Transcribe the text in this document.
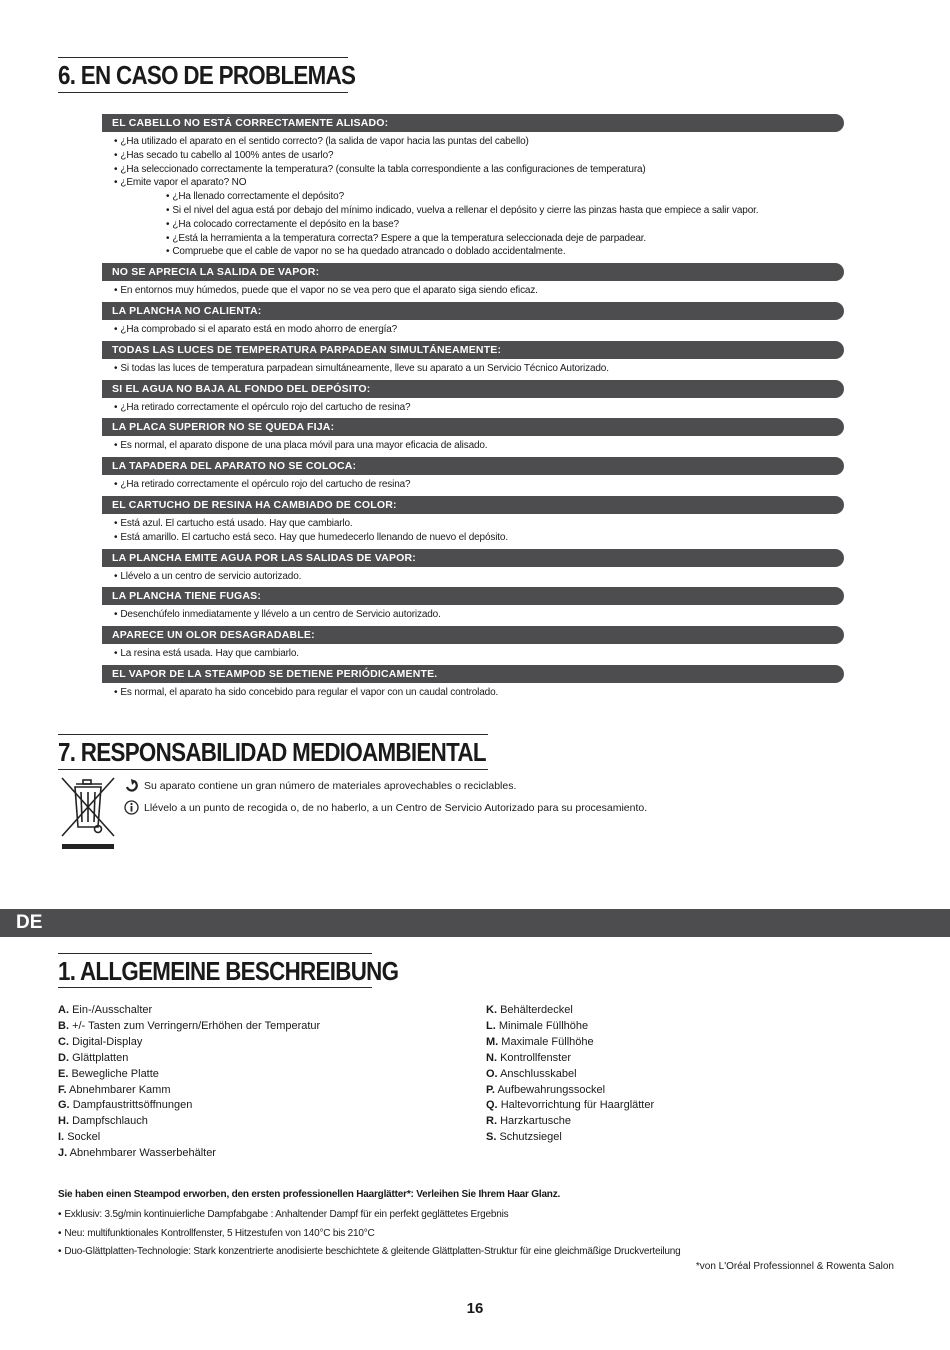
6. EN CASO DE PROBLEMAS
EL CABELLO NO ESTÁ CORRECTAMENTE ALISADO:
• ¿Ha utilizado el aparato en el sentido correcto? (la salida de vapor hacia las puntas del cabello)
• ¿Has secado tu cabello al 100% antes de usarlo?
• ¿Ha seleccionado correctamente la temperatura? (consulte la tabla correspondiente a las configuraciones de temperatura)
• ¿Emite vapor el aparato? NO
• ¿Ha llenado correctamente el depósito?
• Si el nivel del agua está por debajo del mínimo indicado, vuelva a rellenar el depósito y cierre las pinzas hasta que empiece a salir vapor.
• ¿Ha colocado correctamente el depósito en la base?
• ¿Está la herramienta a la temperatura correcta? Espere a que la temperatura seleccionada deje de parpadear.
• Compruebe que el cable de vapor no se ha quedado atrancado o doblado accidentalmente.
NO SE APRECIA LA SALIDA DE VAPOR:
• En entornos muy húmedos, puede que el vapor no se vea pero que el aparato siga siendo eficaz.
LA PLANCHA NO CALIENTA:
• ¿Ha comprobado si el aparato está en modo ahorro de energía?
TODAS LAS LUCES DE TEMPERATURA PARPADEAN SIMULTÁNEAMENTE:
• Si todas las luces de temperatura parpadean simultáneamente, lleve su aparato a un Servicio Técnico Autorizado.
SI EL AGUA NO BAJA AL FONDO DEL DEPÓSITO:
• ¿Ha retirado correctamente el opérculo rojo del cartucho de resina?
LA PLACA SUPERIOR NO SE QUEDA FIJA:
• Es normal, el aparato dispone de una placa móvil para una mayor eficacia de alisado.
LA TAPADERA DEL APARATO NO SE COLOCA:
• ¿Ha retirado correctamente el opérculo rojo del cartucho de resina?
EL CARTUCHO DE RESINA HA CAMBIADO DE COLOR:
• Está azul. El cartucho está usado. Hay que cambiarlo.
• Está amarillo. El cartucho está seco. Hay que humedecerlo llenando de nuevo el depósito.
LA PLANCHA EMITE AGUA POR LAS SALIDAS DE VAPOR:
• Llévelo a un centro de servicio autorizado.
LA PLANCHA TIENE FUGAS:
• Desenchúfelo inmediatamente y llévelo a un centro de Servicio autorizado.
APARECE UN OLOR DESAGRADABLE:
• La resina está usada. Hay que cambiarlo.
EL VAPOR DE LA STEAMPOD SE DETIENE PERIÓDICAMENTE.
• Es normal, el aparato ha sido concebido para regular el vapor con un caudal controlado.
7. RESPONSABILIDAD MEDIOAMBIENTAL
Su aparato contiene un gran número de materiales aprovechables o reciclables.
Llévelo a un punto de recogida o, de no haberlo, a un Centro de Servicio Autorizado para su procesamiento.
DE
1. ALLGEMEINE BESCHREIBUNG
A. Ein-/Ausschalter
B. +/- Tasten zum Verringern/Erhöhen der Temperatur
C. Digital-Display
D. Glättplatten
E. Bewegliche Platte
F. Abnehmbarer Kamm
G. Dampfaustrittsöffnungen
H. Dampfschlauch
I. Sockel
J. Abnehmbarer Wasserbehälter
K. Behälterdeckel
L. Minimale Füllhöhe
M. Maximale Füllhöhe
N. Kontrollfenster
O. Anschlusskabel
P. Aufbewahrungssockel
Q. Haltevorrichtung für Haarglätter
R. Harzkartusche
S. Schutzsiegel
Sie haben einen Steampod erworben, den ersten professionellen Haarglätter*: Verleihen Sie Ihrem Haar Glanz.
• Exklusiv: 3.5g/min kontinuierliche Dampfabgabe : Anhaltender Dampf für ein perfekt geglättetes Ergebnis
• Neu: multifunktionales Kontrollfenster, 5 Hitzestufen von 140°C bis 210°C
• Duo-Glättplatten-Technologie: Stark konzentrierte anodisierte beschichtete & gleitende Glättplatten-Struktur für eine gleichmäßige Druckverteilung
*von L'Oréal Professionnel & Rowenta Salon
16
